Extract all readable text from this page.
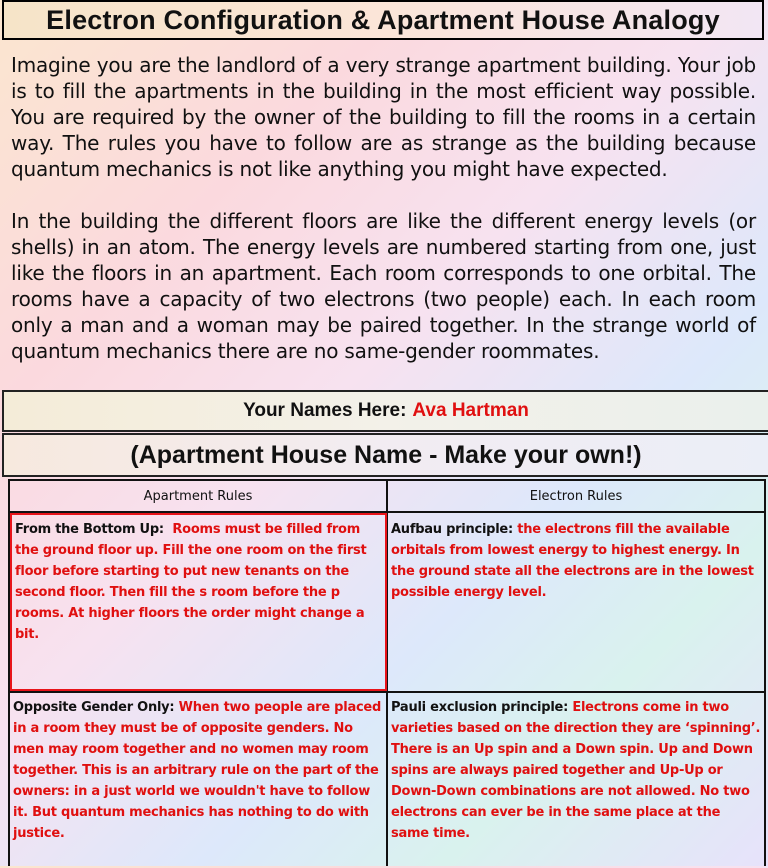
Electron Configuration & Apartment House Analogy

Imagine you are the landlord of a very strange apartment building. Your job is to fill the apartments in the building in the most efficient way possible. You are required by the owner of the building to fill the rooms in a certain way. The rules you have to follow are as strange as the building because quantum mechanics is not like anything you might have expected.

In the building the different floors are like the different energy levels (or shells) in an atom. The energy levels are numbered starting from one, just like the floors in an apartment. Each room corresponds to one orbital. The rooms have a capacity of two electrons (two people) each. In each room only a man and a woman may be paired together. In the strange world of quantum mechanics there are no same-gender roommates.

Your Names Here: Ava Hartman
(Apartment House Name - Make your own!)
Apartment Rules	Electron Rules
From the Bottom Up: Rooms must be filled from the ground floor up. Fill the one room on the first floor before starting to put new tenants on the second floor. Then fill the s room before the p rooms. At higher floors the order might change a bit.
Aufbau principle: the electrons fill the available orbitals from lowest energy to highest energy. In the ground state all the electrons are in the lowest possible energy level.
Opposite Gender Only: When two people are placed in a room they must be of opposite genders. No men may room together and no women may room together. This is an arbitrary rule on the part of the owners: in a just world we wouldn't have to follow it. But quantum mechanics has nothing to do with justice.
Pauli exclusion principle: Electrons come in two varieties based on the direction they are ‘spinning’. There is an Up spin and a Down spin. Up and Down spins are always paired together and Up-Up or Down-Down combinations are not allowed. No two electrons can ever be in the same place at the same time.
